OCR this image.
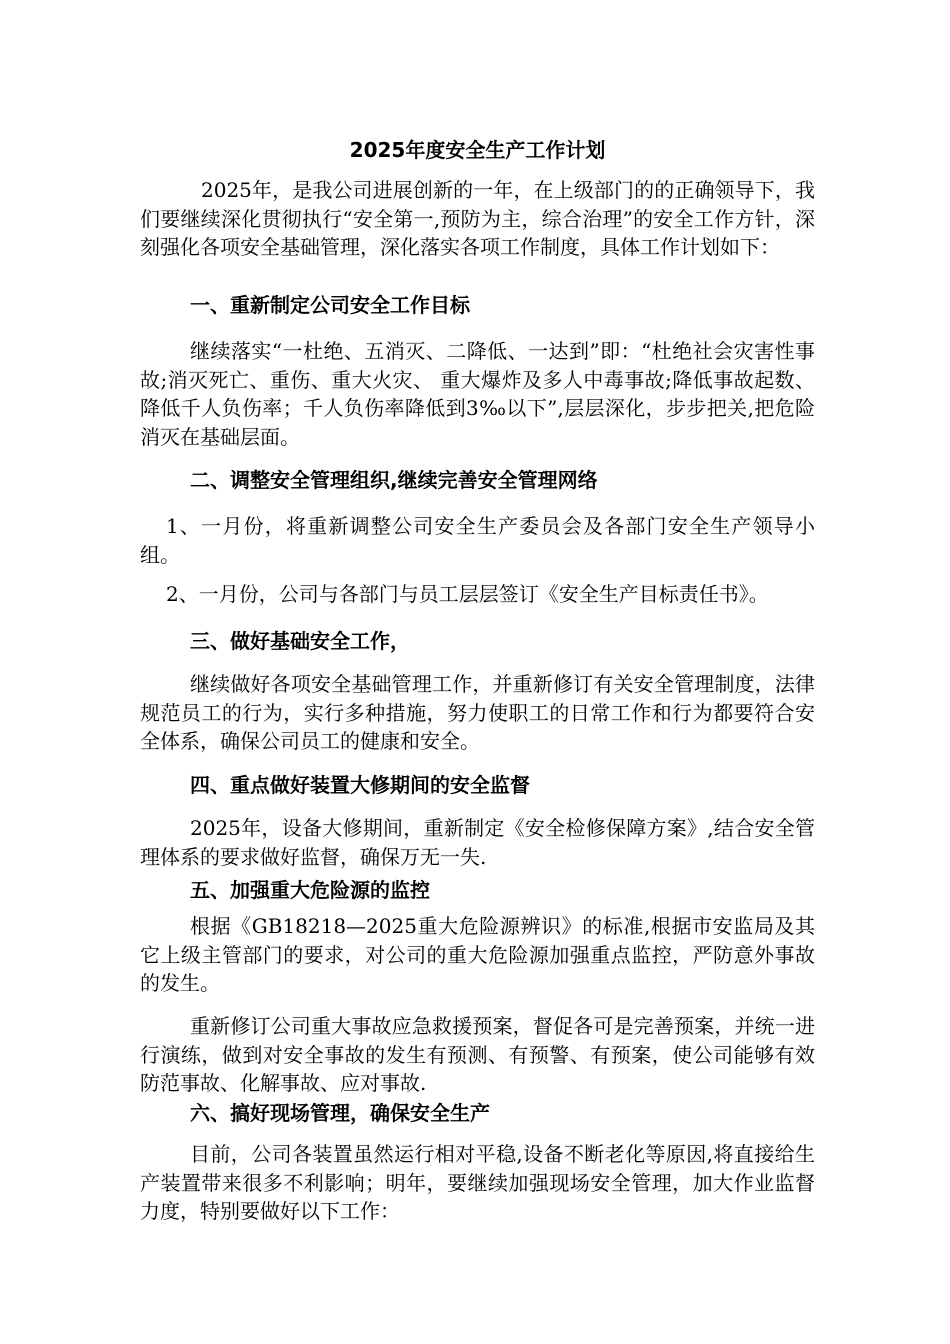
2025年度安全生产工作计划
2025年，是我公司进展创新的一年，在上级部门的的正确领导下，我们要继续深化贯彻执行“安全第一,预防为主，综合治理”的安全工作方针，深刻强化各项安全基础管理，深化落实各项工作制度，具体工作计划如下：
一、重新制定公司安全工作目标
继续落实“一杜绝、五消灭、二降低、一达到”即：“杜绝社会灾害性事故;消灭死亡、重伤、重大火灾、 重大爆炸及多人中毒事故;降低事故起数、降低千人负伤率；千人负伤率降低到3‰以下”,层层深化，步步把关,把危险消灭在基础层面。
二、调整安全管理组织,继续完善安全管理网络
1、一月份，将重新调整公司安全生产委员会及各部门安全生产领导小组。
2、一月份，公司与各部门与员工层层签订《安全生产目标责任书》。
三、做好基础安全工作，
继续做好各项安全基础管理工作，并重新修订有关安全管理制度，法律规范员工的行为，实行多种措施，努力使职工的日常工作和行为都要符合安全体系，确保公司员工的健康和安全。
四、重点做好装置大修期间的安全监督
2025年，设备大修期间，重新制定《安全检修保障方案》,结合安全管理体系的要求做好监督，确保万无一失.
五、加强重大危险源的监控
根据《GB18218—2025重大危险源辨识》的标准,根据市安监局及其它上级主管部门的要求，对公司的重大危险源加强重点监控，严防意外事故的发生。
重新修订公司重大事故应急救援预案，督促各可是完善预案，并统一进行演练，做到对安全事故的发生有预测、有预警、有预案，使公司能够有效防范事故、化解事故、应对事故.
六、搞好现场管理，确保安全生产
目前，公司各装置虽然运行相对平稳,设备不断老化等原因,将直接给生产装置带来很多不利影响；明年，要继续加强现场安全管理，加大作业监督力度，特别要做好以下工作：
